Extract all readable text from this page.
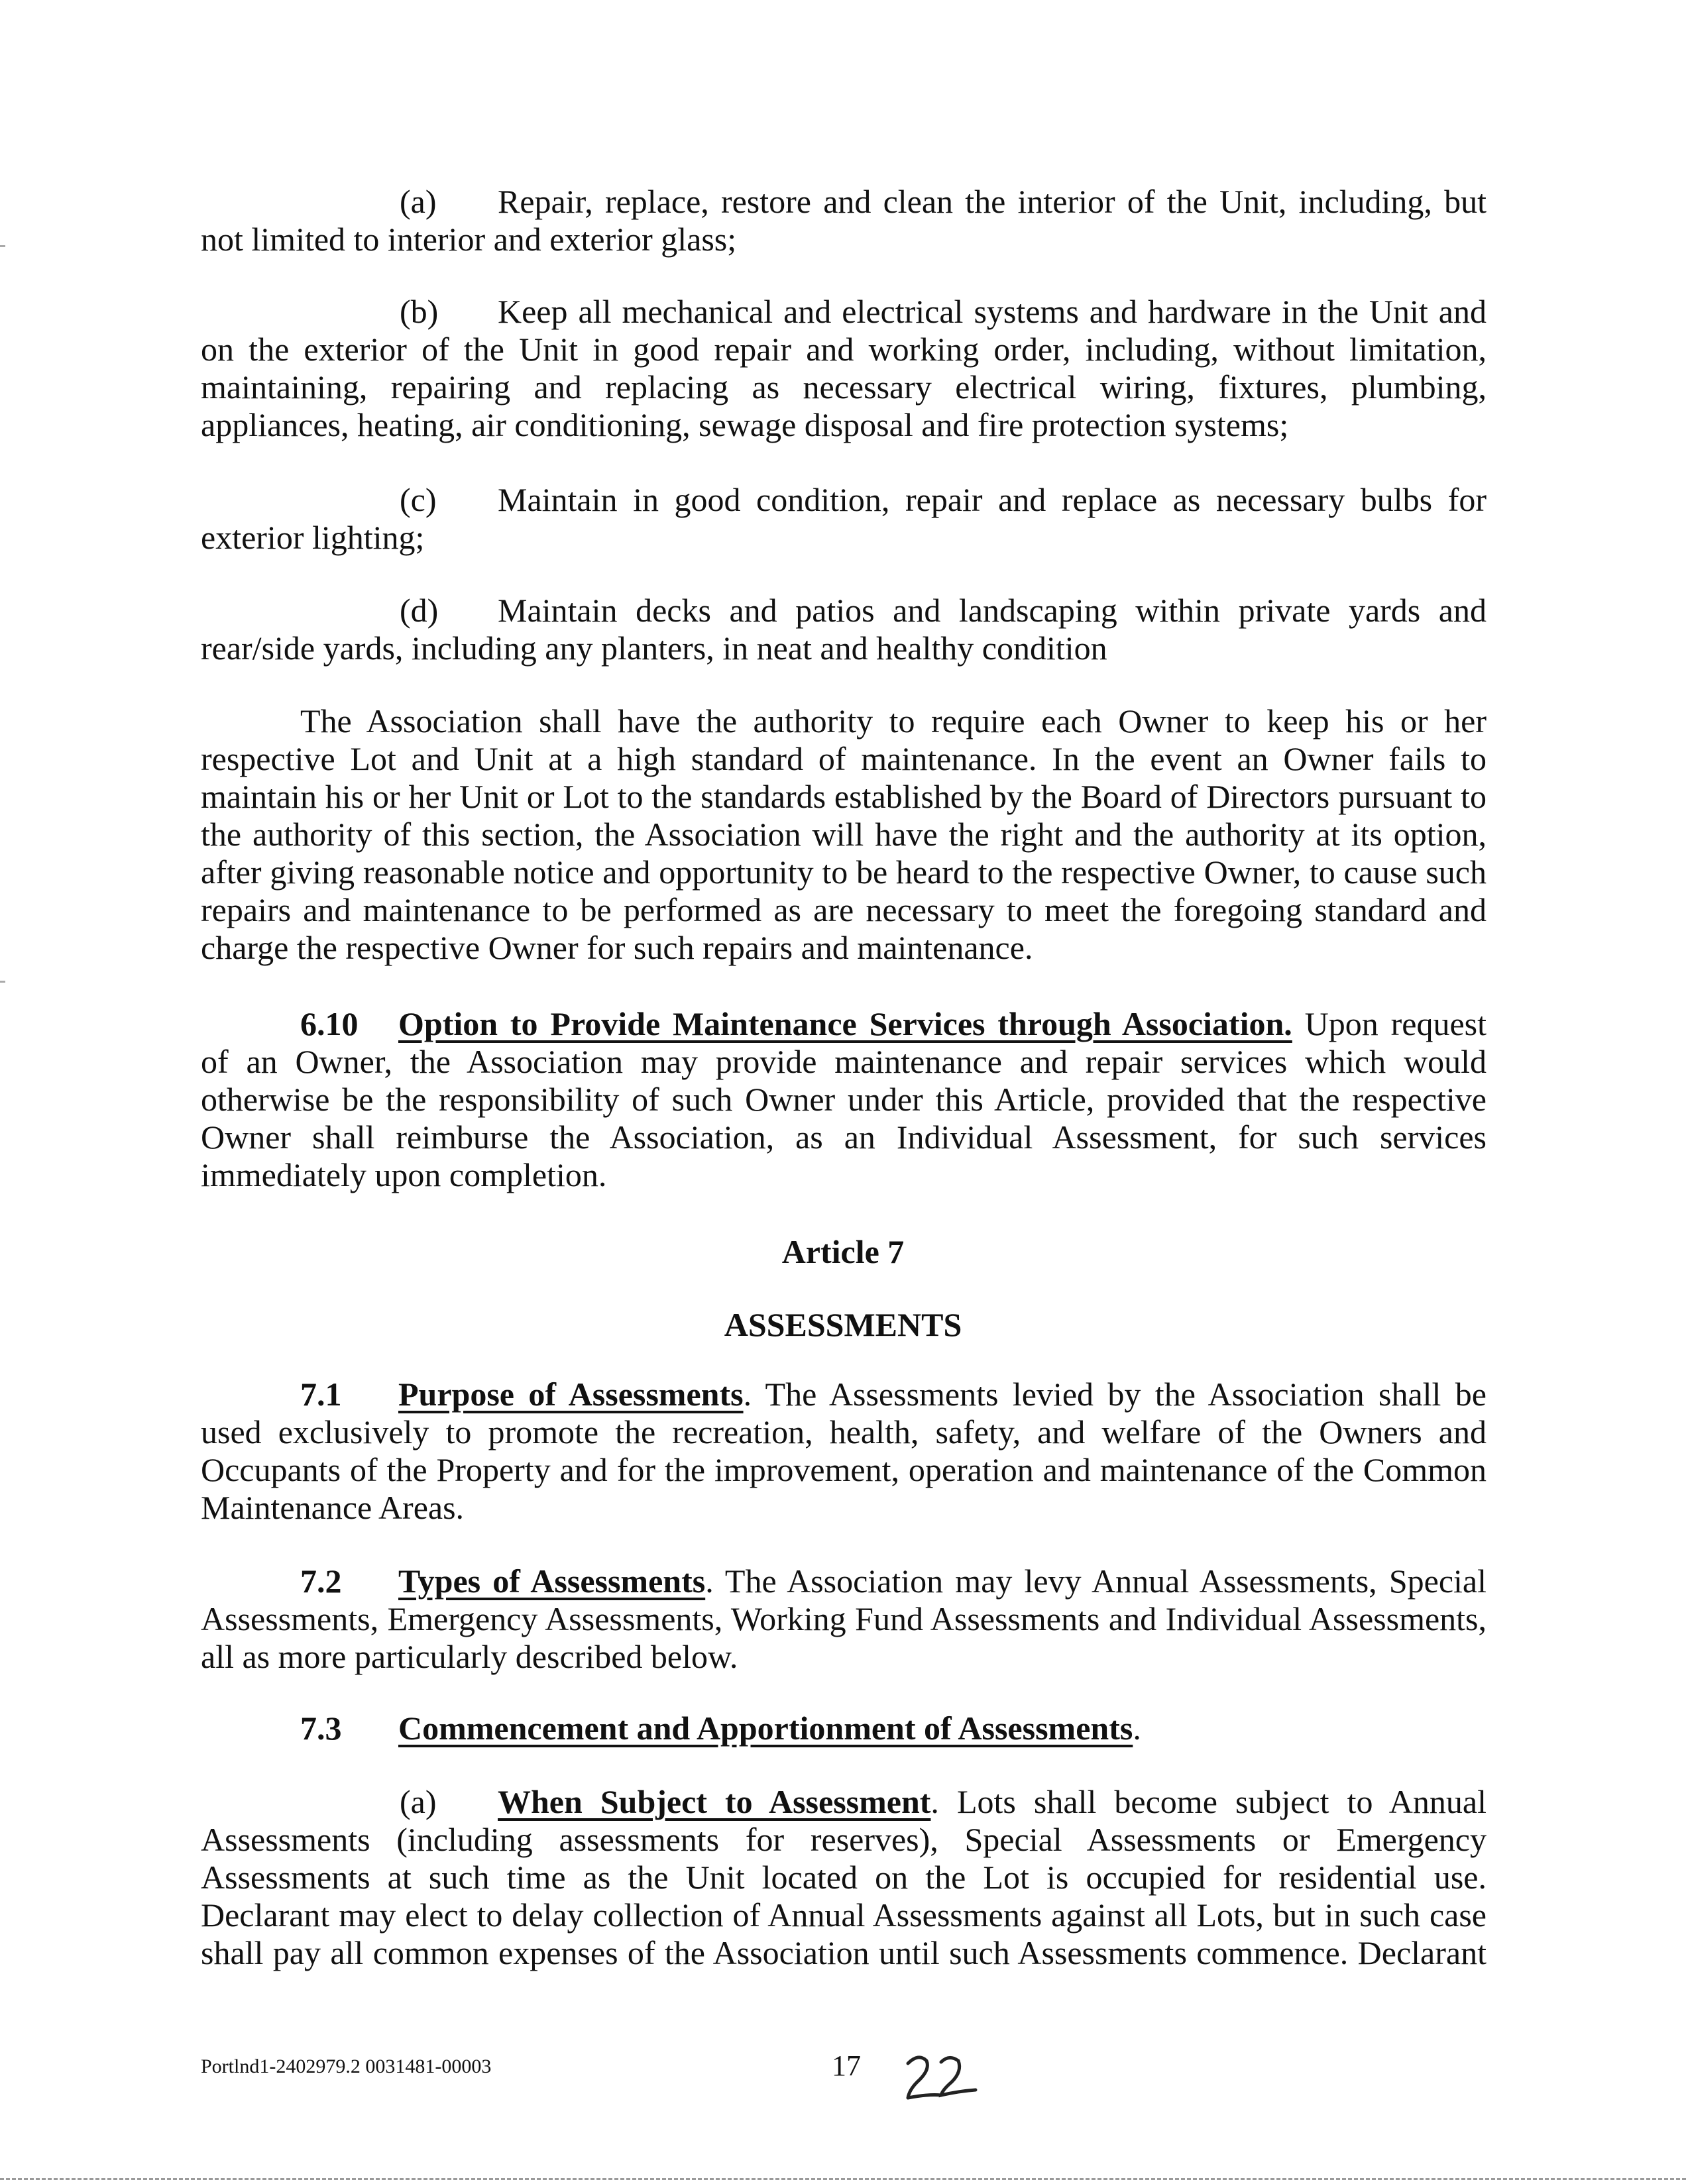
(a) Repair, replace, restore and clean the interior of the Unit, including, but
not limited to interior and exterior glass;
(b) Keep all mechanical and electrical systems and hardware in the Unit and
on the exterior of the Unit in good repair and working order, including, without limitation,
maintaining, repairing and replacing as necessary electrical wiring, fixtures, plumbing,
appliances, heating, air conditioning, sewage disposal and fire protection systems;
(c) Maintain in good condition, repair and replace as necessary bulbs for
exterior lighting;
(d) Maintain decks and patios and landscaping within private yards and
rear/side yards, including any planters, in neat and healthy condition
The Association shall have the authority to require each Owner to keep his or her
respective Lot and Unit at a high standard of maintenance. In the event an Owner fails to
maintain his or her Unit or Lot to the standards established by the Board of Directors pursuant to
the authority of this section, the Association will have the right and the authority at its option,
after giving reasonable notice and opportunity to be heard to the respective Owner, to cause such
repairs and maintenance to be performed as are necessary to meet the foregoing standard and
charge the respective Owner for such repairs and maintenance.
6.10 Option to Provide Maintenance Services through Association. Upon request
of an Owner, the Association may provide maintenance and repair services which would
otherwise be the responsibility of such Owner under this Article, provided that the respective
Owner shall reimburse the Association, as an Individual Assessment, for such services
immediately upon completion.
Article 7
ASSESSMENTS
7.1 Purpose of Assessments. The Assessments levied by the Association shall be
used exclusively to promote the recreation, health, safety, and welfare of the Owners and
Occupants of the Property and for the improvement, operation and maintenance of the Common
Maintenance Areas.
7.2 Types of Assessments. The Association may levy Annual Assessments, Special
Assessments, Emergency Assessments, Working Fund Assessments and Individual Assessments,
all as more particularly described below.
7.3 Commencement and Apportionment of Assessments.
(a) When Subject to Assessment. Lots shall become subject to Annual
Assessments (including assessments for reserves), Special Assessments or Emergency
Assessments at such time as the Unit located on the Lot is occupied for residential use.
Declarant may elect to delay collection of Annual Assessments against all Lots, but in such case
shall pay all common expenses of the Association until such Assessments commence. Declarant
Portlnd1-2402979.2 0031481-00003	17
